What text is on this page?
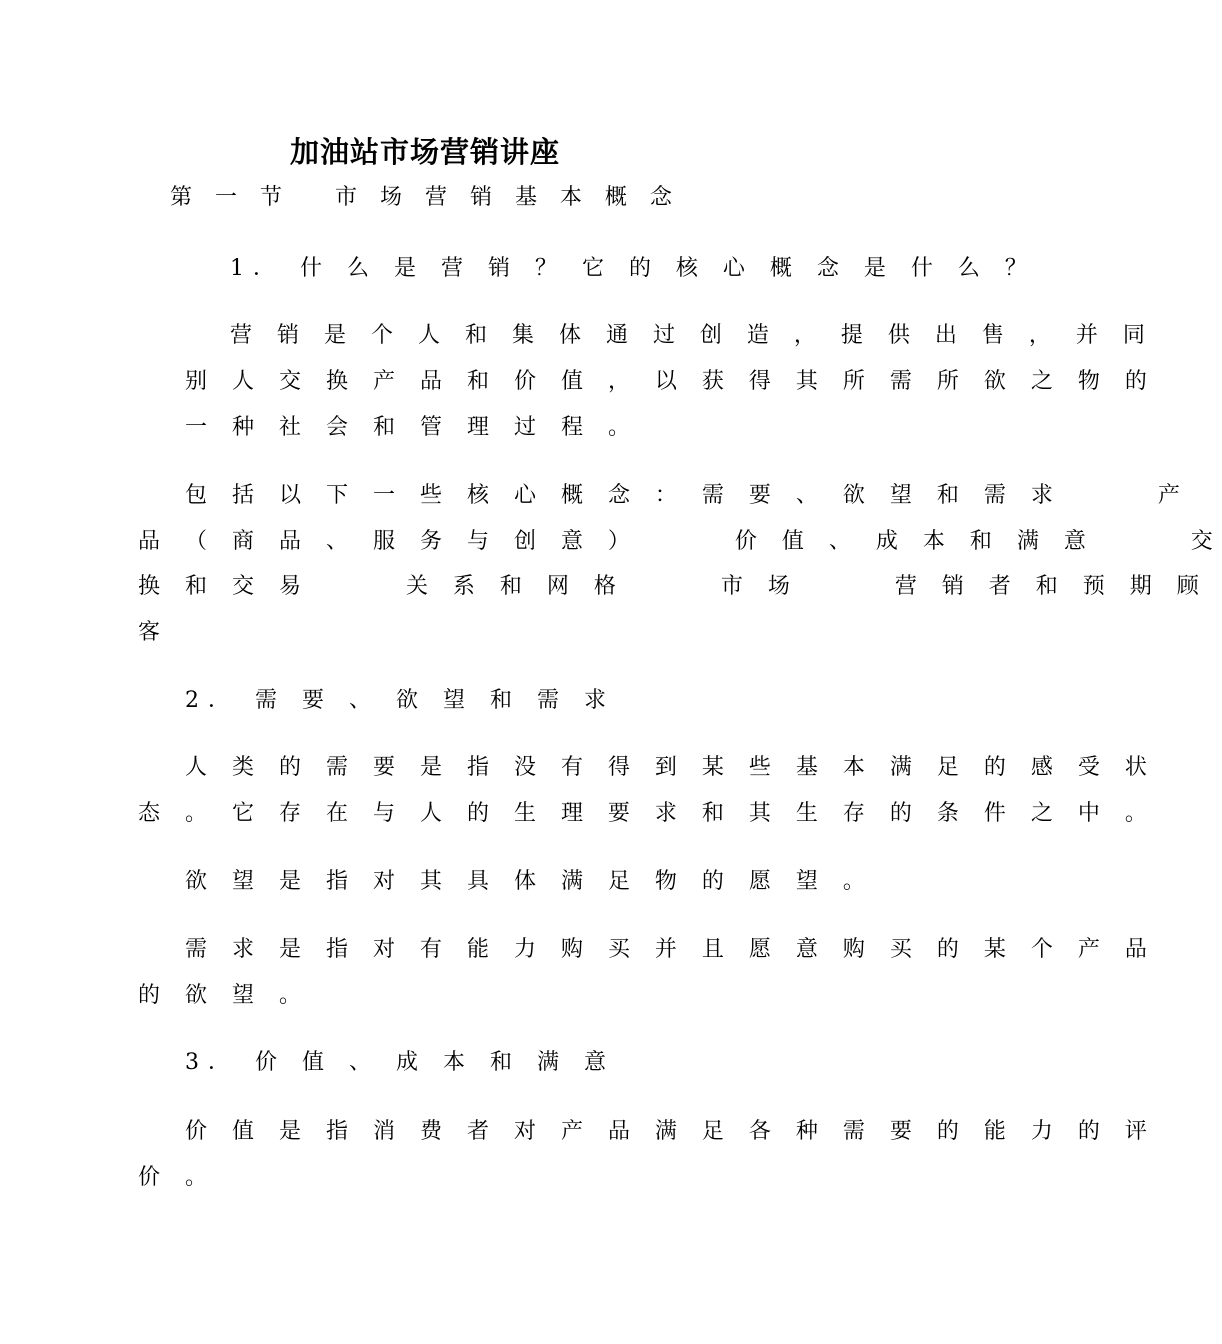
加油站市场营销讲座
第 一 节   市 场 营 销 基 本 概 念
1． 什 么 是 营 销 ？ 它 的 核 心 概 念 是 什 么 ？
营 销 是 个 人 和 集 体 通 过 创 造 ， 提 供 出 售 ， 并 同
别 人 交 换 产 品 和 价 值 ， 以 获 得 其 所 需 所 欲 之 物 的
一 种 社 会 和 管 理 过 程 。
包 括 以 下 一 些 核 心 概 念 ： 需 要 、 欲 望 和 需 求      产
品 （ 商 品 、 服 务 与 创 意 ）      价 值 、 成 本 和 满 意      交
换 和 交 易      关 系 和 网 格      市 场      营 销 者 和 预 期 顾
客
2． 需 要 、 欲 望 和 需 求
人 类 的 需 要 是 指 没 有 得 到 某 些 基 本 满 足 的 感 受 状
态 。 它 存 在 与 人 的 生 理 要 求 和 其 生 存 的 条 件 之 中 。
欲 望 是 指 对 其 具 体 满 足 物 的 愿 望 。
需 求 是 指 对 有 能 力 购 买 并 且 愿 意 购 买 的 某 个 产 品
的 欲 望 。
3． 价 值 、 成 本 和 满 意
价 值 是 指 消 费 者 对 产 品 满 足 各 种 需 要 的 能 力 的 评
价 。
